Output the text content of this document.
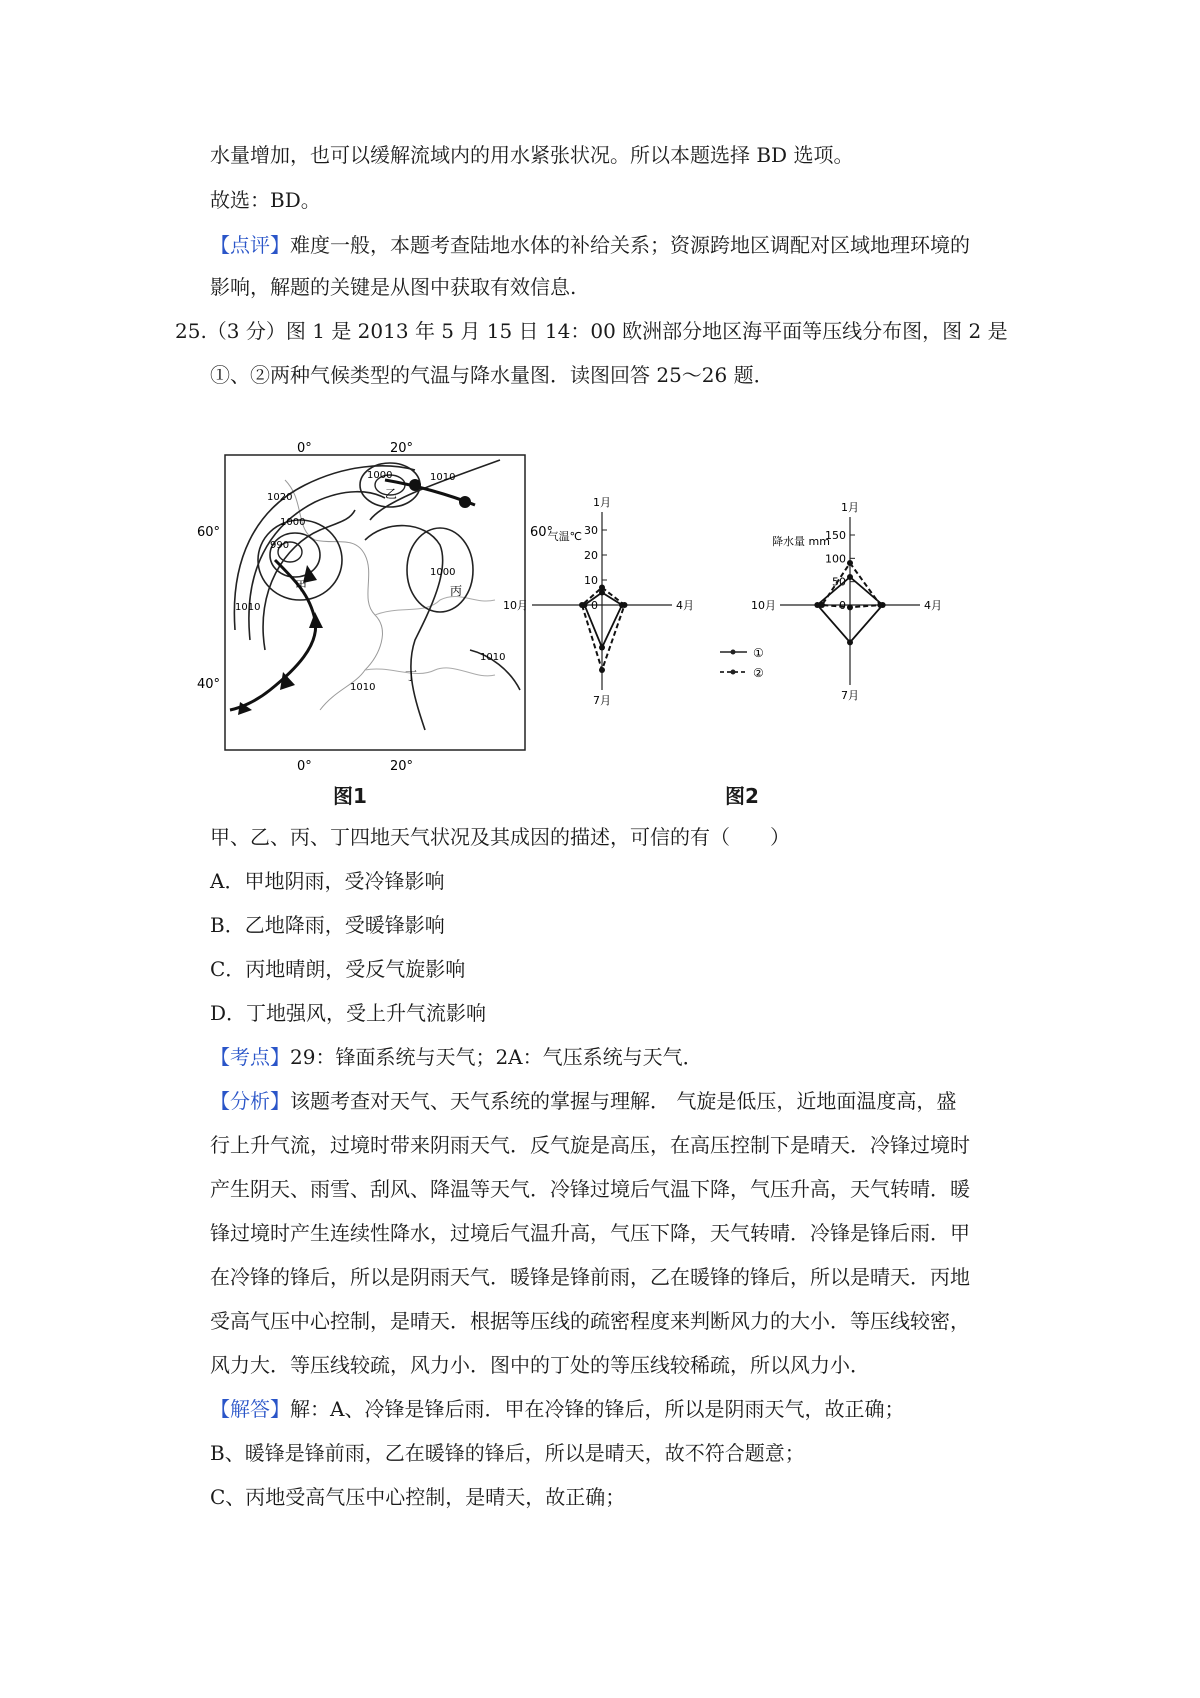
水量增加，也可以缓解流域内的用水紧张状况。所以本题选择 BD 选项。
故选：BD。
【点评】难度一般，本题考查陆地水体的补给关系；资源跨地区调配对区域地理环境的
影响，解题的关键是从图中获取有效信息.
25.（3 分）图 1 是 2013 年 5 月 15 日 14：00 欧洲部分地区海平面等压线分布图，图 2 是
①、②两种气候类型的气温与降水量图．读图回答 25～26 题．
0°	20°
0°	20°
60°
40°
60°
1020
1000	1010
1000
990
1010
1000
1010
1010
甲
乙
丙
丁
①
②
30
20
10
0
气温℃
1月
4月
7月
10月
150
100
50
0
降水量 mm
1月
4月
7月
10月
图1	图2
甲、乙、丙、丁四地天气状况及其成因的描述，可信的有（　　）
A．甲地阴雨，受冷锋影响
B．乙地降雨，受暖锋影响
C．丙地晴朗，受反气旋影响
D．丁地强风，受上升气流影响
【考点】29：锋面系统与天气；2A：气压系统与天气．
【分析】该题考查对天气、天气系统的掌握与理解． 气旋是低压，近地面温度高，盛
行上升气流，过境时带来阴雨天气．反气旋是高压，在高压控制下是晴天．冷锋过境时
产生阴天、雨雪、刮风、降温等天气．冷锋过境后气温下降，气压升高，天气转晴．暖
锋过境时产生连续性降水，过境后气温升高，气压下降，天气转晴．冷锋是锋后雨．甲
在冷锋的锋后，所以是阴雨天气．暖锋是锋前雨，乙在暖锋的锋后，所以是晴天．丙地
受高气压中心控制，是晴天．根据等压线的疏密程度来判断风力的大小．等压线较密，
风力大．等压线较疏，风力小．图中的丁处的等压线较稀疏，所以风力小．
【解答】解：A、冷锋是锋后雨．甲在冷锋的锋后，所以是阴雨天气，故正确；
B、暖锋是锋前雨，乙在暖锋的锋后，所以是晴天，故不符合题意；
C、丙地受高气压中心控制，是晴天，故正确；
